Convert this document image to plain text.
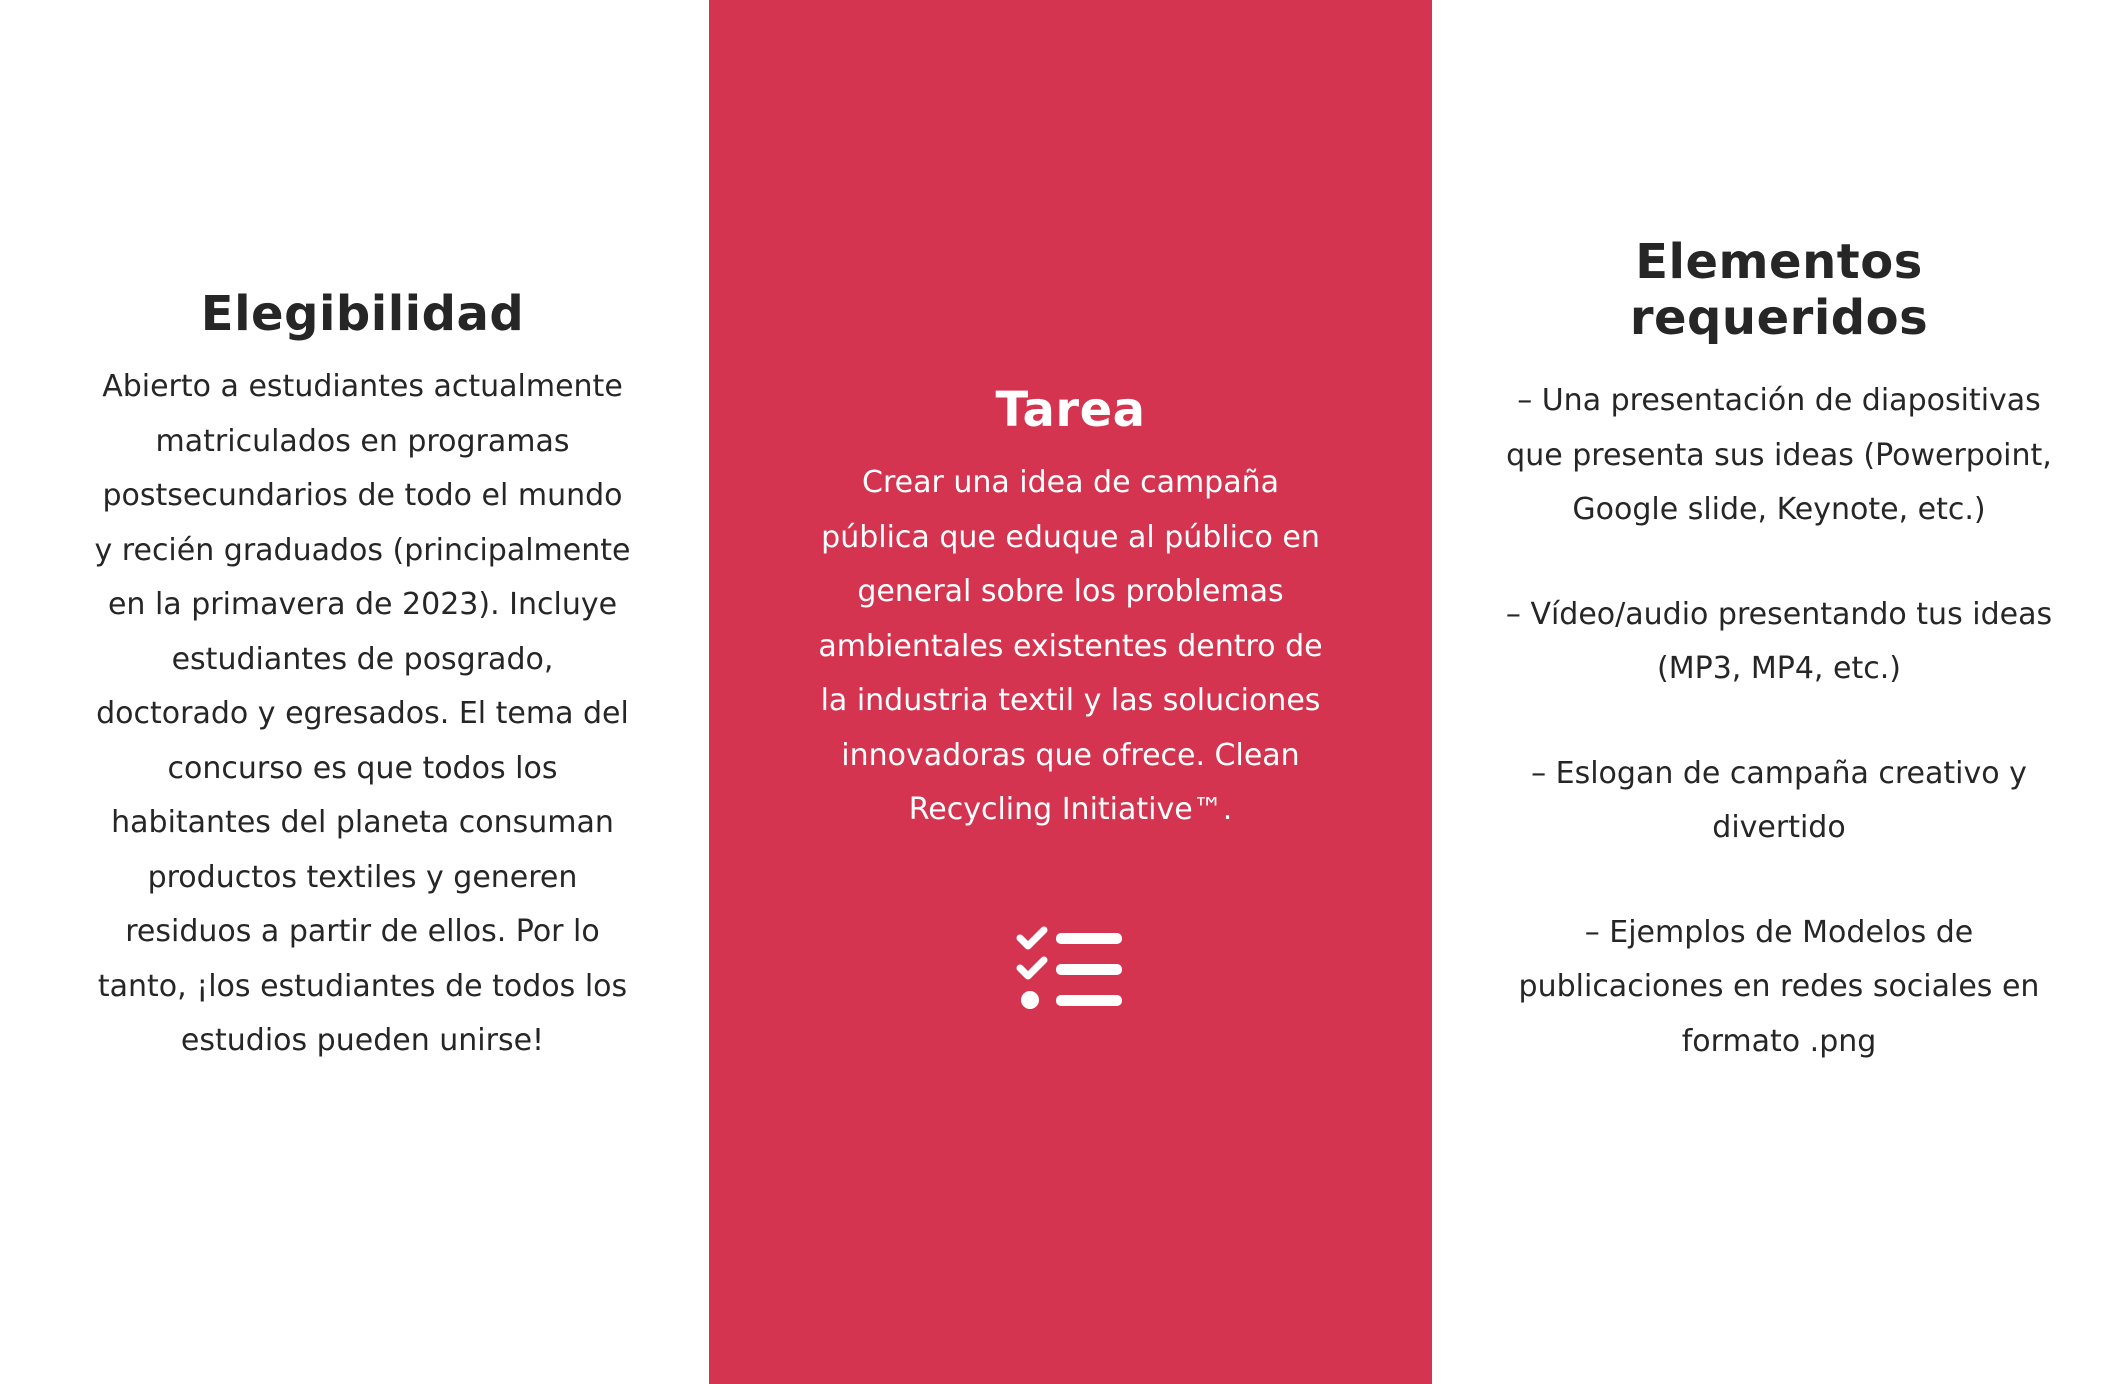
Elegibilidad

Abierto a estudiantes actualmente matriculados en programas postsecundarios de todo el mundo y recién graduados (principalmente en la primavera de 2023). Incluye estudiantes de posgrado, doctorado y egresados. El tema del concurso es que todos los habitantes del planeta consuman productos textiles y generen residuos a partir de ellos. Por lo tanto, ¡los estudiantes de todos los estudios pueden unirse!

Tarea

Crear una idea de campaña pública que eduque al público en general sobre los problemas ambientales existentes dentro de la industria textil y las soluciones innovadoras que ofrece. Clean Recycling Initiative™.

Elementos requeridos
– Una presentación de diapositivas que presenta sus ideas (Powerpoint, Google slide, Keynote, etc.)
– Vídeo/audio presentando tus ideas (MP3, MP4, etc.)
– Eslogan de campaña creativo y divertido
– Ejemplos de Modelos de publicaciones en redes sociales en formato .png
